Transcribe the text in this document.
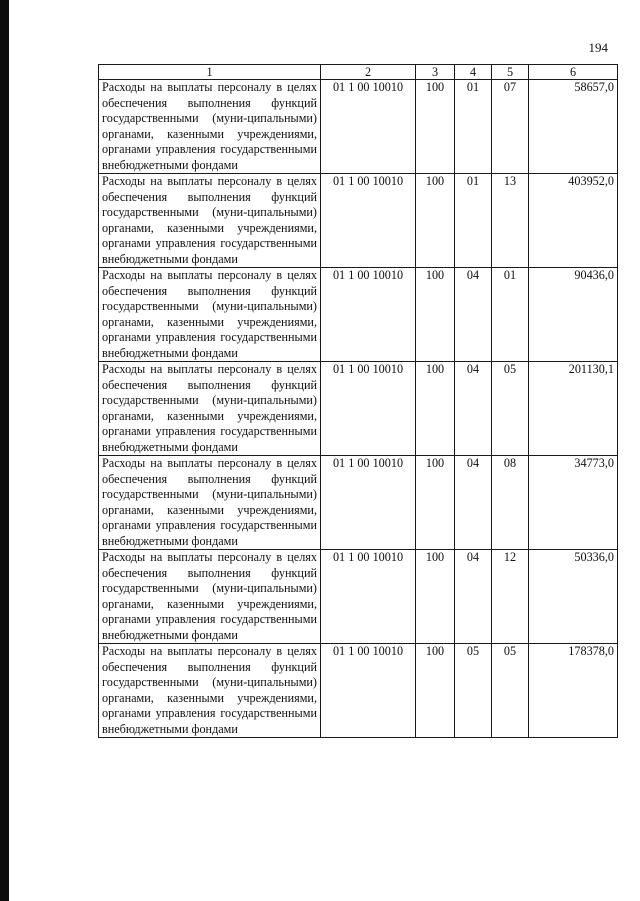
194
1	2	3	4	5	6
Расходы на выплаты персоналу в целях обеспечения выполнения функций государственными (муни-ципальными) органами, казенными учреждениями, органами управления государственными внебюджетными фондами	01 1 00 10010	100	01	07	58657,0
Расходы на выплаты персоналу в целях обеспечения выполнения функций государственными (муни-ципальными) органами, казенными учреждениями, органами управления государственными внебюджетными фондами	01 1 00 10010	100	01	13	403952,0
Расходы на выплаты персоналу в целях обеспечения выполнения функций государственными (муни-ципальными) органами, казенными учреждениями, органами управления государственными внебюджетными фондами	01 1 00 10010	100	04	01	90436,0
Расходы на выплаты персоналу в целях обеспечения выполнения функций государственными (муни-ципальными) органами, казенными учреждениями, органами управления государственными внебюджетными фондами	01 1 00 10010	100	04	05	201130,1
Расходы на выплаты персоналу в целях обеспечения выполнения функций государственными (муни-ципальными) органами, казенными учреждениями, органами управления государственными внебюджетными фондами	01 1 00 10010	100	04	08	34773,0
Расходы на выплаты персоналу в целях обеспечения выполнения функций государственными (муни-ципальными) органами, казенными учреждениями, органами управления государственными внебюджетными фондами	01 1 00 10010	100	04	12	50336,0
Расходы на выплаты персоналу в целях обеспечения выполнения функций государственными (муни-ципальными) органами, казенными учреждениями, органами управления государственными внебюджетными фондами	01 1 00 10010	100	05	05	178378,0
